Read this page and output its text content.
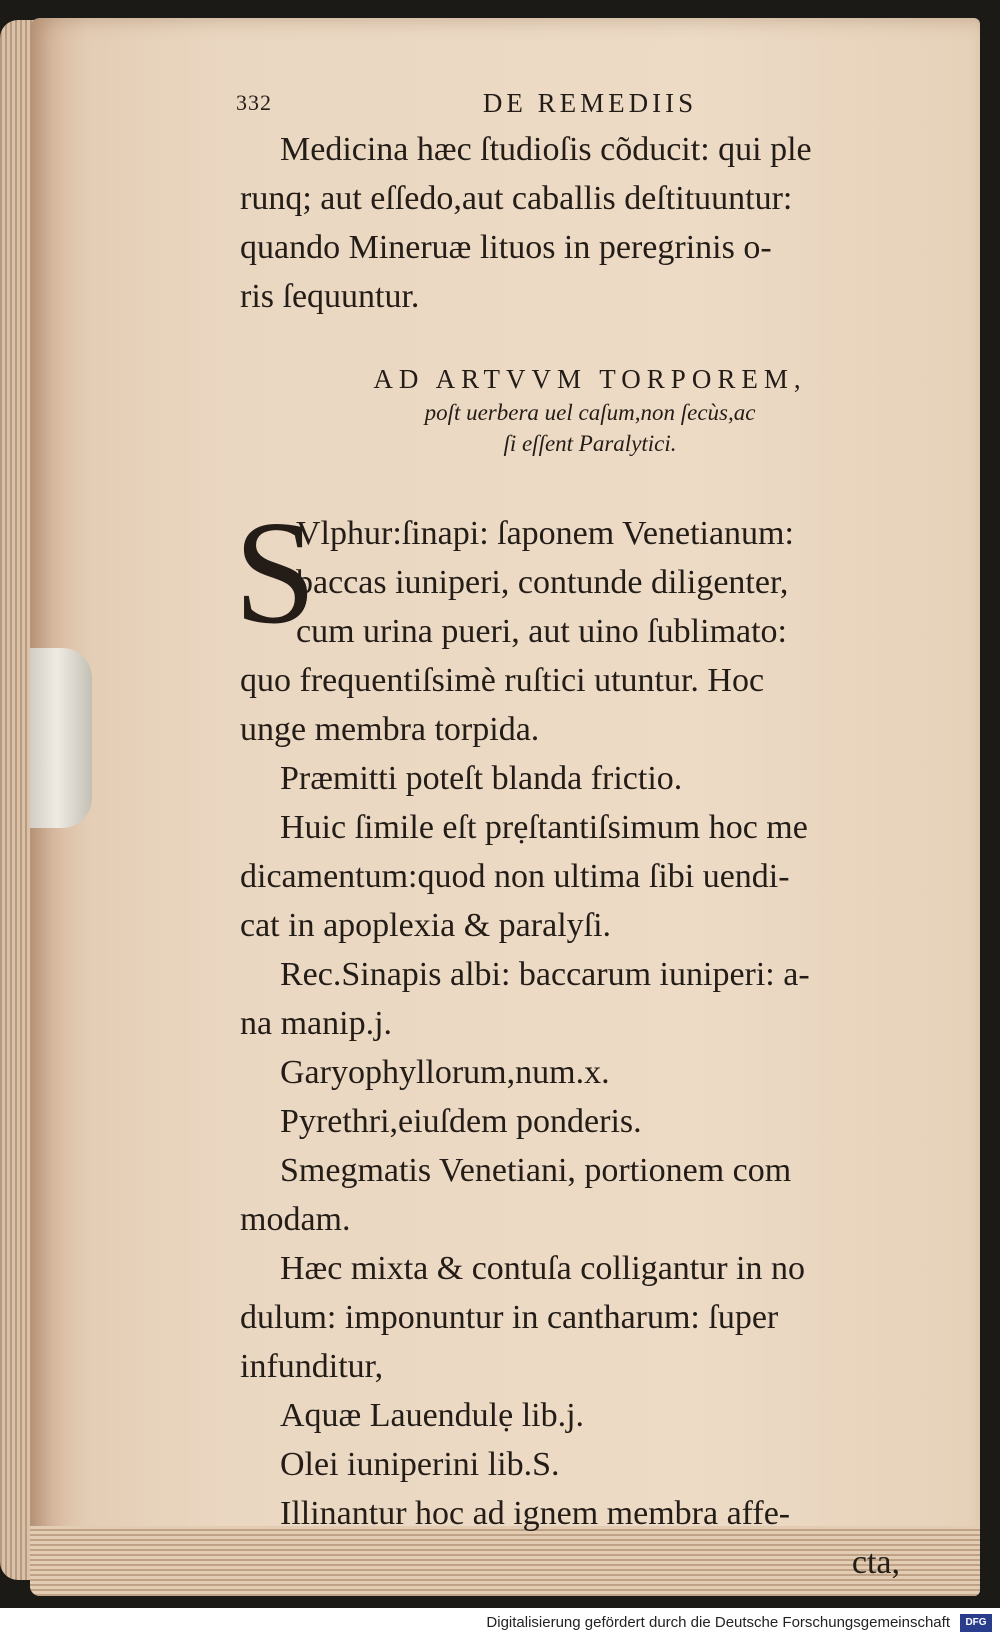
332	DE REMEDIIS
Medicina hæc ſtudioſis cõducit: qui ple
runq; aut eſſedo,aut caballis deſtituuntur:
quando Mineruæ lituos in peregrinis o-
ris ſequuntur.
AD ARTVVM TORPOREM,
poſt uerbera uel caſum,non ſecùs,ac
ſi eſſent Paralytici.
S
Vlphur:ſinapi: ſaponem Venetianum:
baccas iuniperi, contunde diligenter,
cum urina pueri, aut uino ſublimato:
quo frequentiſsimè ruſtici utuntur. Hoc
unge membra torpida.
Præmitti poteſt blanda frictio.
Huic ſimile eſt prẹſtantiſsimum hoc me
dicamentum:quod non ultima ſibi uendi-
cat in apoplexia & paralyſi.
Rec.Sinapis albi: baccarum iuniperi: a-
na manip.j.
Garyophyllorum,num.x.
Pyrethri,eiuſdem ponderis.
Smegmatis Venetiani, portionem com
modam.
Hæc mixta & contuſa colligantur in no
dulum: imponuntur in cantharum: ſuper
infunditur,
Aquæ Lauendulẹ lib.j.
Olei iuniperini lib.S.
Illinantur hoc ad ignem membra affe-
cta,
Digitalisierung gefördert durch die Deutsche Forschungsgemeinschaft	DFG
